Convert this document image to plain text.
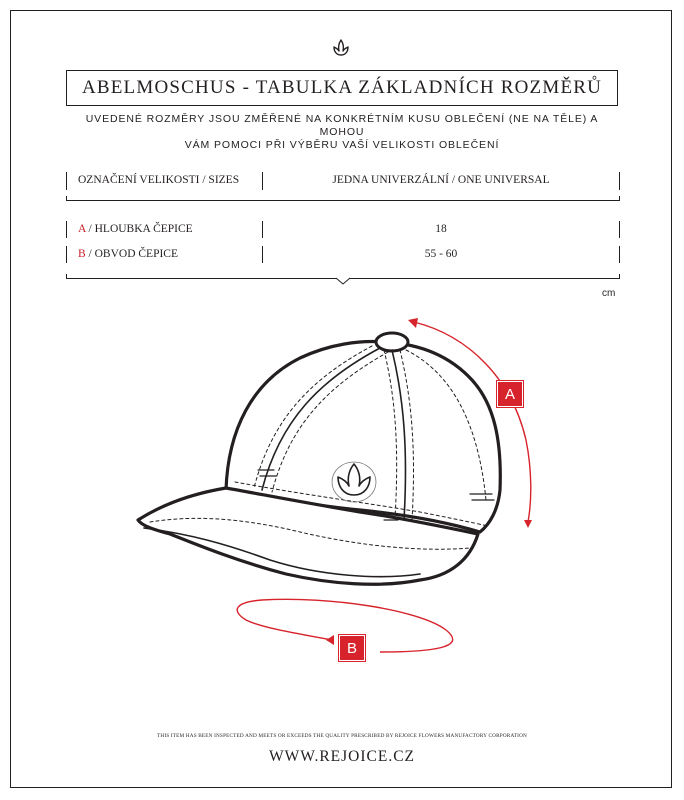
ABELMOSCHUS - TABULKA ZÁKLADNÍCH ROZMĚRŮ
UVEDENÉ ROZMĚRY JSOU ZMĚŘENÉ NA KONKRÉTNÍM KUSU OBLEČENÍ (NE NA TĚLE) A MOHOU
VÁM POMOCI PŘI VÝBĚRU VAŠÍ VELIKOSTI OBLEČENÍ
OZNAČENÍ VELIKOSTI / SIZES	JEDNA UNIVERZÁLNÍ / ONE UNIVERSAL
A / HLOUBKA ČEPICE	18
B / OBVOD ČEPICE	55 - 60
cm
A
B
THIS ITEM HAS BEEN INSPECTED AND MEETS OR EXCEEDS THE QUALITY PRESCRIBED BY REJOICE FLOWERS MANUFACTORY CORPORATION
WWW.REJOICE.CZ
